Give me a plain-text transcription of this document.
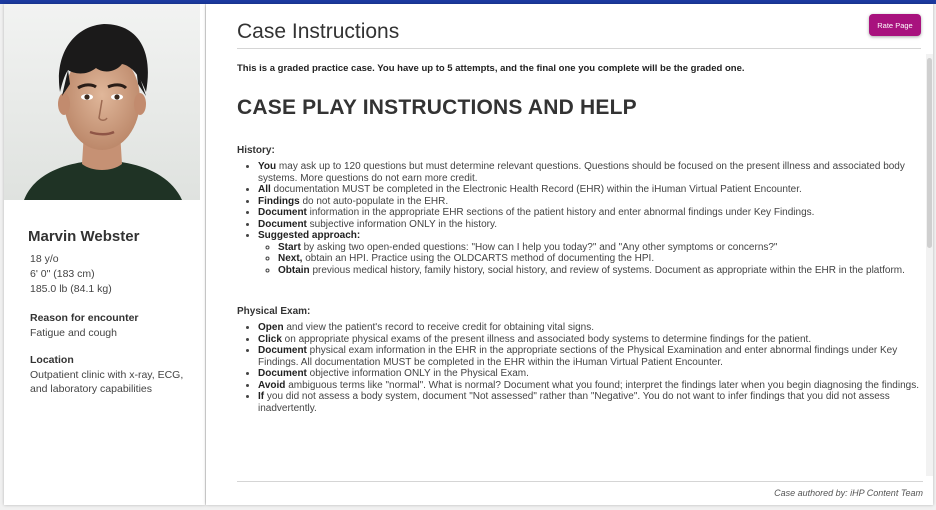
Marvin Webster
18 y/o
6' 0" (183 cm)
185.0 lb (84.1 kg)

Reason for encounter

Fatigue and cough

Location

Outpatient clinic with x-ray, ECG, and laboratory capabilities
Case Instructions	Rate Page

This is a graded practice case. You have up to 5 attempts, and the final one you complete will be the graded one.

CASE PLAY INSTRUCTIONS AND HELP

History:

• You may ask up to 120 questions but must determine relevant questions. Questions should be focused on the present illness and associated body systems. More questions do not earn more credit.
• All documentation MUST be completed in the Electronic Health Record (EHR) within the iHuman Virtual Patient Encounter.
• Findings do not auto-populate in the EHR.
• Document information in the appropriate EHR sections of the patient history and enter abnormal findings under Key Findings.
• Document subjective information ONLY in the history.
• Suggested approach:
◦ Start by asking two open-ended questions: "How can I help you today?" and "Any other symptoms or concerns?"
◦ Next, obtain an HPI. Practice using the OLDCARTS method of documenting the HPI.
◦ Obtain previous medical history, family history, social history, and review of systems. Document as appropriate within the EHR in the platform.

Physical Exam:

• Open and view the patient's record to receive credit for obtaining vital signs.
• Click on appropriate physical exams of the present illness and associated body systems to determine findings for the patient.
• Document physical exam information in the EHR in the appropriate sections of the Physical Examination and enter abnormal findings under Key Findings. All documentation MUST be completed in the EHR within the iHuman Virtual Patient Encounter.
• Document objective information ONLY in the Physical Exam.
• Avoid ambiguous terms like "normal". What is normal? Document what you found; interpret the findings later when you begin diagnosing the findings.
• If you did not assess a body system, document "Not assessed" rather than "Negative". You do not want to infer findings that you did not assess inadvertently.
Case authored by: iHP Content Team
